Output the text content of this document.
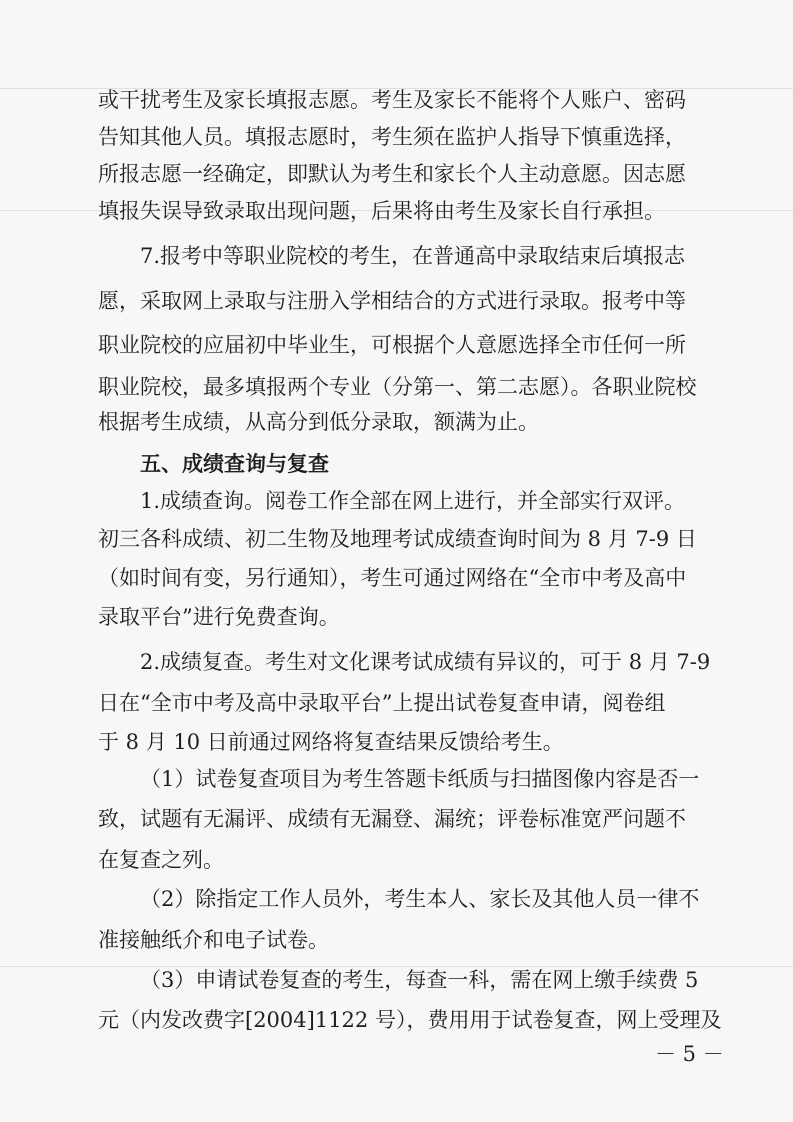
或干扰考生及家长填报志愿。考生及家长不能将个人账户、密码
告知其他人员。填报志愿时，考生须在监护人指导下慎重选择，
所报志愿一经确定，即默认为考生和家长个人主动意愿。因志愿
填报失误导致录取出现问题，后果将由考生及家长自行承担。
7.报考中等职业院校的考生，在普通高中录取结束后填报志
愿，采取网上录取与注册入学相结合的方式进行录取。报考中等
职业院校的应届初中毕业生，可根据个人意愿选择全市任何一所
职业院校，最多填报两个专业（分第一、第二志愿）。各职业院校
根据考生成绩，从高分到低分录取，额满为止。
五、成绩查询与复查
1.成绩查询。阅卷工作全部在网上进行，并全部实行双评。
初三各科成绩、初二生物及地理考试成绩查询时间为 8 月 7-9 日
（如时间有变，另行通知），考生可通过网络在“全市中考及高中
录取平台”进行免费查询。
2.成绩复查。考生对文化课考试成绩有异议的，可于 8 月 7-9
日在“全市中考及高中录取平台”上提出试卷复查申请，阅卷组
于 8 月 10 日前通过网络将复查结果反馈给考生。
（1）试卷复查项目为考生答题卡纸质与扫描图像内容是否一
致，试题有无漏评、成绩有无漏登、漏统；评卷标准宽严问题不
在复查之列。
（2）除指定工作人员外，考生本人、家长及其他人员一律不
准接触纸介和电子试卷。
（3）申请试卷复查的考生，每查一科，需在网上缴手续费 5
元（内发改费字[2004]1122 号），费用用于试卷复查，网上受理及
－ 5 －
